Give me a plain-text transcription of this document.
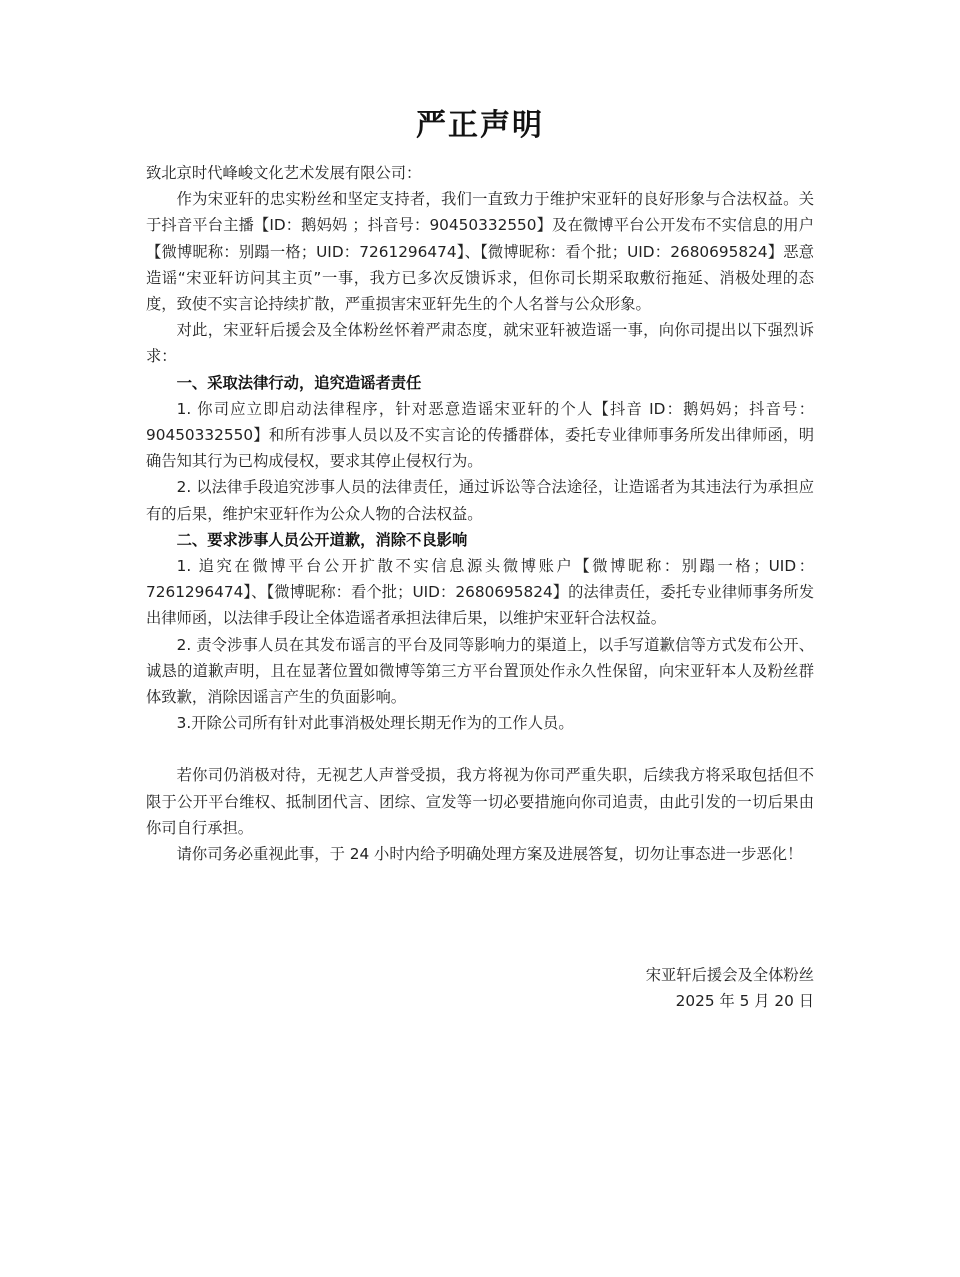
严正声明

致北京时代峰峻文化艺术发展有限公司：

作为宋亚轩的忠实粉丝和坚定支持者，我们一直致力于维护宋亚轩的良好形象与合法权益。关于抖音平台主播【ID：鹅妈妈 ；抖音号：90450332550】及在微博平台公开发布不实信息的用户【微博昵称：别蹋一格；UID：7261296474】、【微博昵称：看个批；UID：2680695824】恶意造谣“宋亚轩访问其主页”一事，我方已多次反馈诉求，但你司长期采取敷衍拖延、消极处理的态度，致使不实言论持续扩散，严重损害宋亚轩先生的个人名誉与公众形象。

对此，宋亚轩后援会及全体粉丝怀着严肃态度，就宋亚轩被造谣一事，向你司提出以下强烈诉求：

一、采取法律行动，追究造谣者责任

1. 你司应立即启动法律程序，针对恶意造谣宋亚轩的个人【抖音 ID：鹅妈妈；抖音号：90450332550】和所有涉事人员以及不实言论的传播群体，委托专业律师事务所发出律师函，明确告知其行为已构成侵权，要求其停止侵权行为。

2. 以法律手段追究涉事人员的法律责任，通过诉讼等合法途径，让造谣者为其违法行为承担应有的后果，维护宋亚轩作为公众人物的合法权益。

二、要求涉事人员公开道歉，消除不良影响

1. 追究在微博平台公开扩散不实信息源头微博账户【微博昵称：别蹋一格；UID：7261296474】、【微博昵称：看个批；UID：2680695824】的法律责任，委托专业律师事务所发出律师函，以法律手段让全体造谣者承担法律后果，以维护宋亚轩合法权益。

2. 责令涉事人员在其发布谣言的平台及同等影响力的渠道上，以手写道歉信等方式发布公开、诚恳的道歉声明，且在显著位置如微博等第三方平台置顶处作永久性保留，向宋亚轩本人及粉丝群体致歉，消除因谣言产生的负面影响。

3.开除公司所有针对此事消极处理长期无作为的工作人员。

若你司仍消极对待，无视艺人声誉受损，我方将视为你司严重失职，后续我方将采取包括但不限于公开平台维权、抵制团代言、团综、宣发等一切必要措施向你司追责，由此引发的一切后果由你司自行承担。

请你司务必重视此事，于 24 小时内给予明确处理方案及进展答复，切勿让事态进一步恶化！

宋亚轩后援会及全体粉丝

2025 年 5 月 20 日
